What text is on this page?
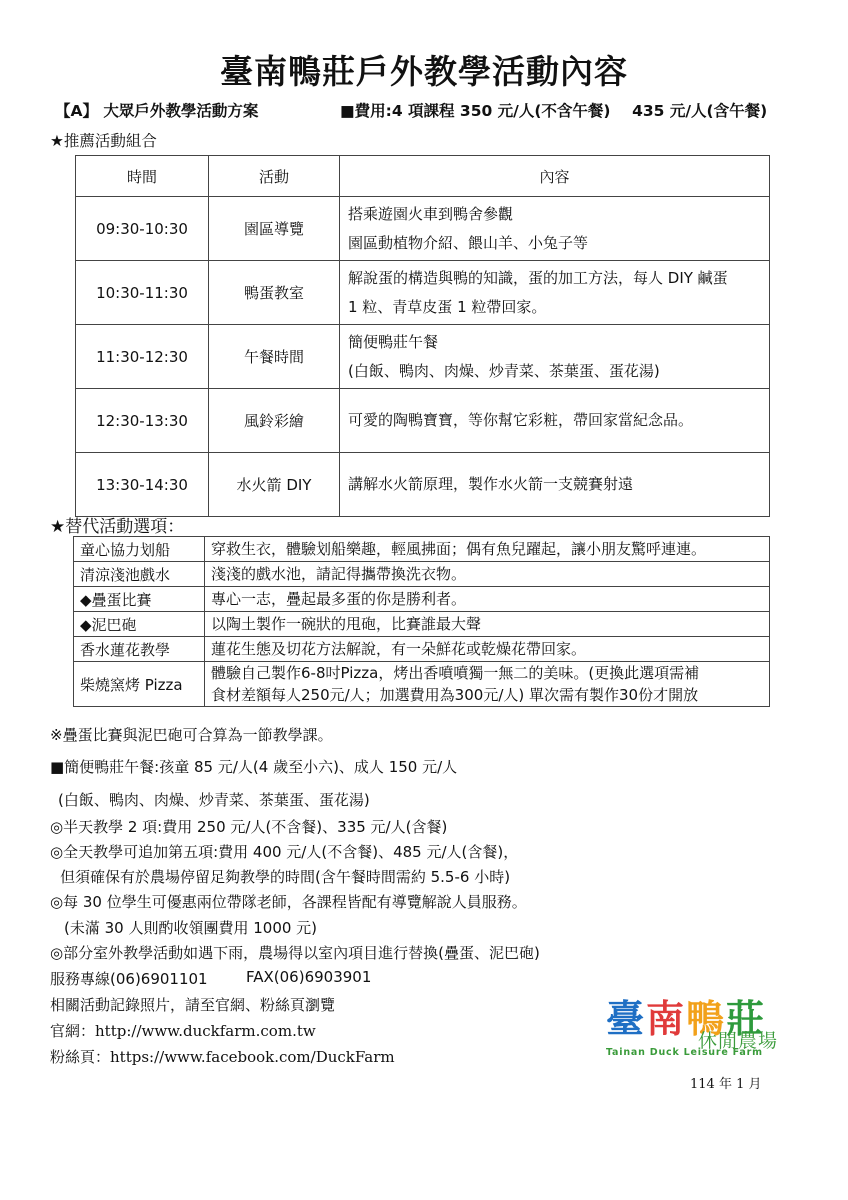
臺南鴨莊戶外教學活動內容
【A】 大眾戶外教學活動方案	■費用:4 項課程 350 元/人(不含午餐)    435 元/人(含午餐)
★推薦活動組合
時間	活動	內容
09:30-10:30	園區導覽	搭乘遊園火車到鴨舍參觀
園區動植物介紹、餵山羊、小兔子等

10:30-11:30	鴨蛋教室	解說蛋的構造與鴨的知識，蛋的加工方法，每人 DIY 鹹蛋
1 粒、青草皮蛋 1 粒帶回家。

11:30-12:30	午餐時間	簡便鴨莊午餐
(白飯、鴨肉、肉燥、炒青菜、茶葉蛋、蛋花湯)

12:30-13:30	風鈴彩繪	可愛的陶鴨寶寶，等你幫它彩粧，帶回家當紀念品。

13:30-14:30	水火箭 DIY	講解水火箭原理，製作水火箭一支競賽射遠
★替代活動選項：
童心協力划船	穿救生衣，體驗划船樂趣，輕風拂面；偶有魚兒躍起，讓小朋友驚呼連連。
清涼淺池戲水	淺淺的戲水池，請記得攜帶換洗衣物。
◆疊蛋比賽	專心一志，疊起最多蛋的你是勝利者。
◆泥巴砲	以陶土製作一碗狀的甩砲，比賽誰最大聲
香水蓮花教學	蓮花生態及切花方法解說，有一朵鮮花或乾燥花帶回家。
柴燒窯烤 Pizza	體驗自己製作6-8吋Pizza，烤出香噴噴獨一無二的美味。(更換此選項需補
食材差額每人250元/人；加選費用為300元/人) 單次需有製作30份才開放
※疊蛋比賽與泥巴砲可合算為一節教學課。
■簡便鴨莊午餐:孩童 85 元/人(4 歲至小六)、成人 150 元/人
(白飯、鴨肉、肉燥、炒青菜、茶葉蛋、蛋花湯)
◎半天教學 2 項:費用 250 元/人(不含餐)、335 元/人(含餐)
◎全天教學可追加第五項:費用 400 元/人(不含餐)、485 元/人(含餐)，
但須確保有於農場停留足夠教學的時間(含午餐時間需約 5.5-6 小時)
◎每 30 位學生可優惠兩位帶隊老師，各課程皆配有導覽解說人員服務。
(未滿 30 人則酌收領團費用 1000 元)
◎部分室外教學活動如遇下雨，農場得以室內項目進行替換(疊蛋、泥巴砲)
服務專線(06)6901101	FAX(06)6903901
相關活動記錄照片，請至官網、粉絲頁瀏覽
官網：http://www.duckfarm.com.tw
粉絲頁：https://www.facebook.com/DuckFarm
臺南鴨莊
休閒農場
Tainan Duck Leisure Farm
114 年 1 月
